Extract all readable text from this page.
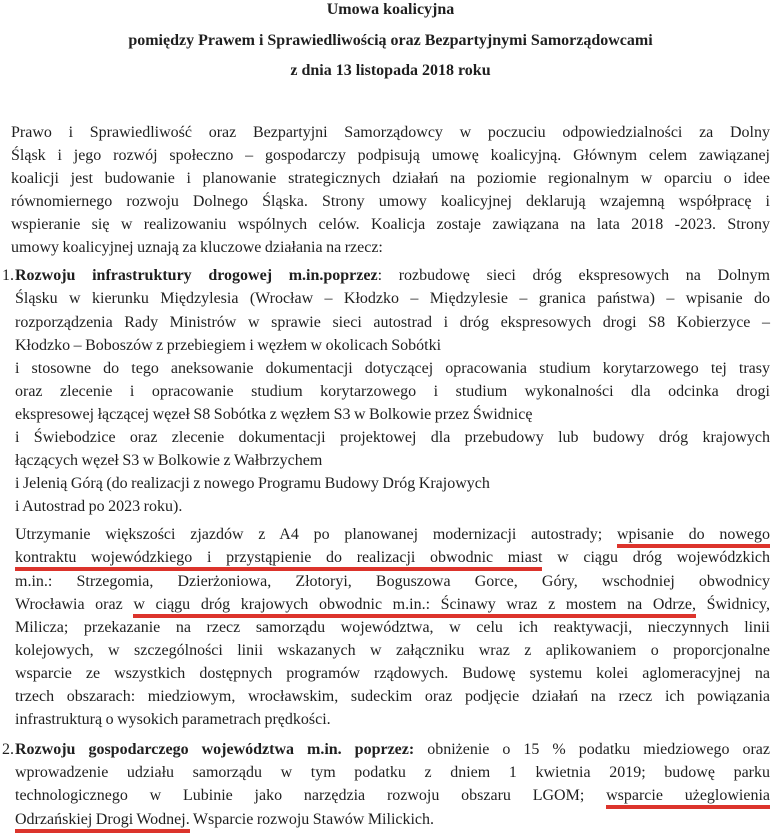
Umowa koalicyjna
pomiędzy Prawem i Sprawiedliwością oraz Bezpartyjnymi Samorządowcami
z dnia 13 listopada 2018 roku
Prawo i Sprawiedliwość oraz Bezpartyjni Samorządowcy w poczuciu odpowiedzialności za Dolny
Śląsk i jego rozwój społeczno – gospodarczy podpisują umowę koalicyjną. Głównym celem zawiązanej
koalicji jest budowanie i planowanie strategicznych działań na poziomie regionalnym w oparciu o idee
równomiernego rozwoju Dolnego Śląska. Strony umowy koalicyjnej deklarują wzajemną współpracę i
wspieranie się w realizowaniu wspólnych celów. Koalicja zostaje zawiązana na lata 2018 -2023. Strony
umowy koalicyjnej uznają za kluczowe działania na rzecz:
1. Rozwoju infrastruktury drogowej m.in.poprzez: rozbudowę sieci dróg ekspresowych na Dolnym
Śląsku w kierunku Międzylesia (Wrocław – Kłodzko – Międzylesie – granica państwa) – wpisanie do
rozporządzenia Rady Ministrów w sprawie sieci autostrad i dróg ekspresowych drogi S8 Kobierzyce –
Kłodzko – Boboszów z przebiegiem i węzłem w okolicach Sobótki
i stosowne do tego aneksowanie dokumentacji dotyczącej opracowania studium korytarzowego tej trasy
oraz zlecenie i opracowanie studium korytarzowego i studium wykonalności dla odcinka drogi
ekspresowej łączącej węzeł S8 Sobótka z węzłem S3 w Bolkowie przez Świdnicę
i Świebodzice oraz zlecenie dokumentacji projektowej dla przebudowy lub budowy dróg krajowych
łączących węzeł S3 w Bolkowie z Wałbrzychem
i Jelenią Górą (do realizacji z nowego Programu Budowy Dróg Krajowych
i Autostrad po 2023 roku).
Utrzymanie większości zjazdów z A4 po planowanej modernizacji autostrady; wpisanie do nowego
kontraktu wojewódzkiego i przystąpienie do realizacji obwodnic miast w ciągu dróg wojewódzkich
m.in.: Strzegomia, Dzierżoniowa, Złotoryi, Boguszowa Gorce, Góry, wschodniej obwodnicy
Wrocławia oraz w ciągu dróg krajowych obwodnic m.in.: Ścinawy wraz z mostem na Odrze, Świdnicy,
Milicza; przekazanie na rzecz samorządu województwa, w celu ich reaktywacji, nieczynnych linii
kolejowych, w szczególności linii wskazanych w załączniku wraz z aplikowaniem o proporcjonalne
wsparcie ze wszystkich dostępnych programów rządowych. Budowę systemu kolei aglomeracyjnej na
trzech obszarach: miedziowym, wrocławskim, sudeckim oraz podjęcie działań na rzecz ich powiązania
infrastrukturą o wysokich parametrach prędkości.
2. Rozwoju gospodarczego województwa m.in. poprzez: obniżenie o 15 % podatku miedziowego oraz
wprowadzenie udziału samorządu w tym podatku z dniem 1 kwietnia 2019; budowę parku
technologicznego w Lubinie jako narzędzia rozwoju obszaru LGOM; wsparcie użeglowienia
Odrzańskiej Drogi Wodnej. Wsparcie rozwoju Stawów Milickich.
